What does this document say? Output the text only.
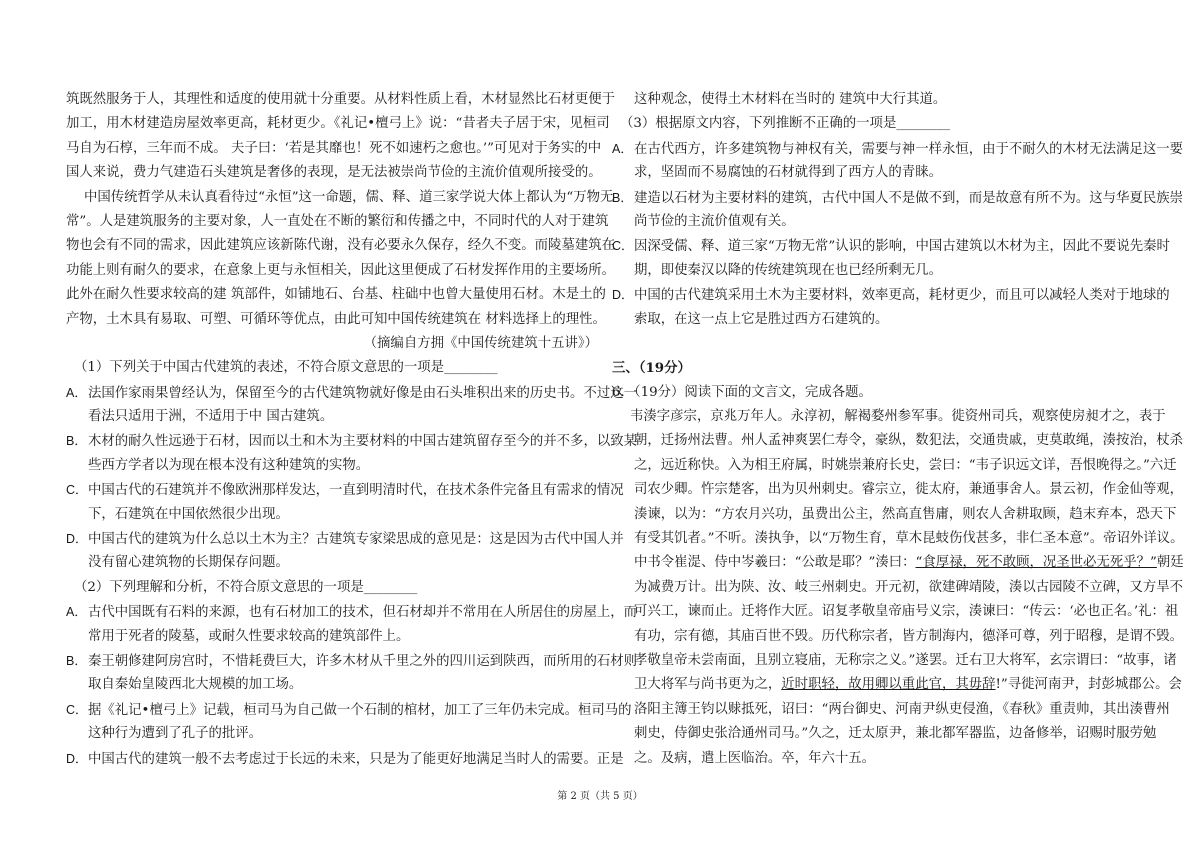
筑既然服务于人，其理性和适度的使用就十分重要。从材料性质上看，木材显然比石材更便于
加工，用木材建造房屋效率更高，耗材更少。《礼记•檀弓上》说：“昔者夫子居于宋，见桓司
马自为石椁，三年而不成。 夫子曰：‘若是其靡也！死不如速朽之愈也。’”可见对于务实的中
国人来说，费力气建造石头建筑是奢侈的表现，是无法被崇尚节俭的主流价值观所接受的。
中国传统哲学从未认真看待过“永恒”这一命题，儒、释、道三家学说大体上都认为“万物无
常”。人是建筑服务的主要对象，人一直处在不断的繁衍和传播之中，不同时代的人对于建筑
物也会有不同的需求，因此建筑应该新陈代谢，没有必要永久保存，经久不变。而陵墓建筑在
功能上则有耐久的要求，在意象上更与永恒相关，因此这里便成了石材发挥作用的主要场所。
此外在耐久性要求较高的建 筑部件，如铺地石、台基、柱础中也曾大量使用石材。木是土的
产物，土木具有易取、可塑、可循环等优点，由此可知中国传统建筑在 材料选择上的理性。
（摘编自方拥《中国传统建筑十五讲》）
（1）下列关于中国古代建筑的表述，不符合原文意思的一项是________
A．法国作家雨果曾经认为，保留至今的古代建筑物就好像是由石头堆积出来的历史书。不过这一
看法只适用于洲，不适用于中 国古建筑。
B．木材的耐久性远逊于石材，因而以土和木为主要材料的中国古建筑留存至今的并不多，以致某
些西方学者以为现在根本没有这种建筑的实物。
C．中国古代的石建筑并不像欧洲那样发达，一直到明清时代，在技术条件完备且有需求的情况
下，石建筑在中国依然很少出现。
D．中国古代的建筑为什么总以土木为主？古建筑专家梁思成的意见是：这是因为古代中国人并
没有留心建筑物的长期保存问题。
（2）下列理解和分析，不符合原文意思的一项是________
A．古代中国既有石料的来源，也有石材加工的技术，但石材却并不常用在人所居住的房屋上，而
常用于死者的陵墓，或耐久性要求较高的建筑部件上。
B．秦王朝修建阿房宫时，不惜耗费巨大，许多木材从千里之外的四川运到陕西，而所用的石材则
取自秦始皇陵西北大规模的加工场。
C．据《礼记•檀弓上》记载，桓司马为自己做一个石制的棺材，加工了三年仍未完成。桓司马的
这种行为遭到了孔子的批评。
D．中国古代的建筑一般不去考虑过于长远的未来，只是为了能更好地满足当时人的需要。正是
这种观念，使得土木材料在当时的 建筑中大行其道。
（3）根据原文内容，下列推断不正确的一项是________
A．在古代西方，许多建筑物与神权有关，需要与神一样永恒，由于不耐久的木材无法满足这一要
求，坚固而不易腐蚀的石材就得到了西方人的青睐。
B．建造以石材为主要材料的建筑，古代中国人不是做不到，而是故意有所不为。这与华夏民族崇
尚节俭的主流价值观有关。
C．因深受儒、释、道三家“万物无常”认识的影响，中国古建筑以木材为主，因此不要说先秦时
期，即使秦汉以降的传统建筑现在也已经所剩无几。
D．中国的古代建筑采用土木为主要材料，效率更高，耗材更少，而且可以减轻人类对于地球的
索取，在这一点上它是胜过西方石建筑的。
三、（19分）
6．（19分）阅读下面的文言文，完成各题。
韦湊字彦宗，京兆万年人。永淳初，解褐婺州参军事。徙资州司兵，观察使房昶才之，表于
朝，迁扬州法曹。州人孟神爽罢仁寿令，豪纵，数犯法，交通贵戚，吏莫敢绳，湊按治，杖杀
之，远近称快。入为相王府属，时姚崇兼府长史，尝曰：“韦子识远文详，吾恨晚得之。”六迁
司农少卿。忤宗楚客，出为贝州刺史。睿宗立，徙太府，兼通事舍人。景云初，作金仙等观，
湊谏，以为：“方农月兴功，虽费出公主，然高直售庸，则农人舍耕取顾，趋末弃本，恐天下
有受其饥者。”不听。湊执争，以“万物生育，草木昆蚑伤伐甚多，非仁圣本意”。帝诏外详议。
中书令崔湜、侍中岑羲曰：“公敢是耶？”湊曰：“食厚禄，死不敢顾，况圣世必无死乎？”朝廷
为减费万计。出为陕、汝、岐三州刺史。开元初，欲建碑靖陵，湊以古园陵不立碑，又方旱不
可兴工，谏而止。迁将作大匠。诏复孝敬皇帝庙号义宗，湊谏曰：“传云：‘必也正名。’礼：祖
有功，宗有德，其庙百世不毁。历代称宗者，皆方制海内，德泽可尊，列于昭穆，是谓不毁。
孝敬皇帝未尝南面，且别立寝庙，无称宗之义。”遂罢。迁右卫大将军，玄宗谓曰：“故事，诸
卫大将军与尚书更为之，近时职轻，故用卿以重此官，其毋辞!”寻徙河南尹，封彭城郡公。会
洛阳主簿王钧以赇抵死，诏曰：“两台御史、河南尹纵吏侵渔，《春秋》重责帅，其出湊曹州
刺史，侍御史张洽通州司马。”久之，迁太原尹，兼北都军器监，边备修举，诏赐时服劳勉
之。及病，遣上医临治。卒，年六十五。
第 2 页（共 5 页）
